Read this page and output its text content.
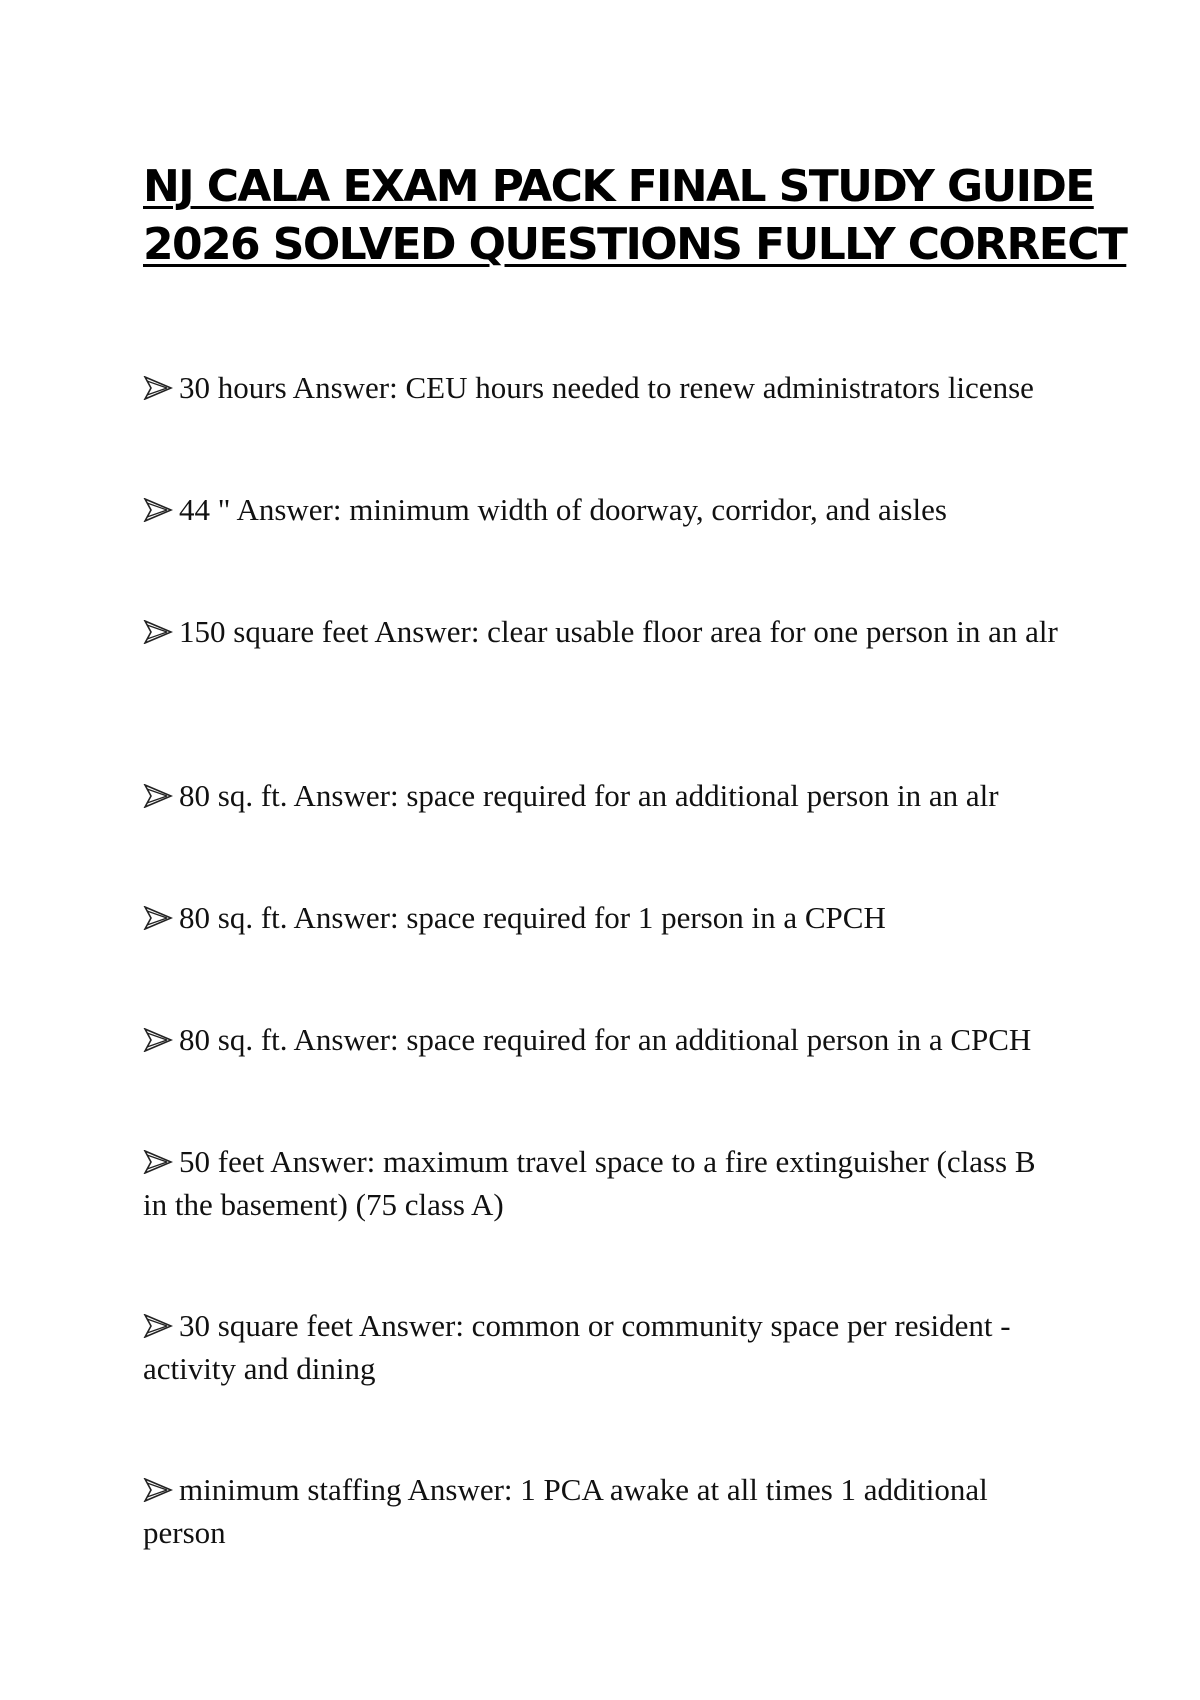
NJ CALA EXAM PACK FINAL STUDY GUIDE
2026 SOLVED QUESTIONS FULLY CORRECT
30 hours Answer: CEU hours needed to renew administrators license
44 " Answer: minimum width of doorway, corridor, and aisles
150 square feet Answer: clear usable floor area for one person in an alr
80 sq. ft. Answer: space required for an additional person in an alr
80 sq. ft. Answer: space required for 1 person in a CPCH
80 sq. ft. Answer: space required for an additional person in a CPCH
50 feet Answer: maximum travel space to a fire extinguisher (class B in the basement) (75 class A)
30 square feet Answer: common or community space per resident - activity and dining
minimum staffing Answer: 1 PCA awake at all times 1 additional person
